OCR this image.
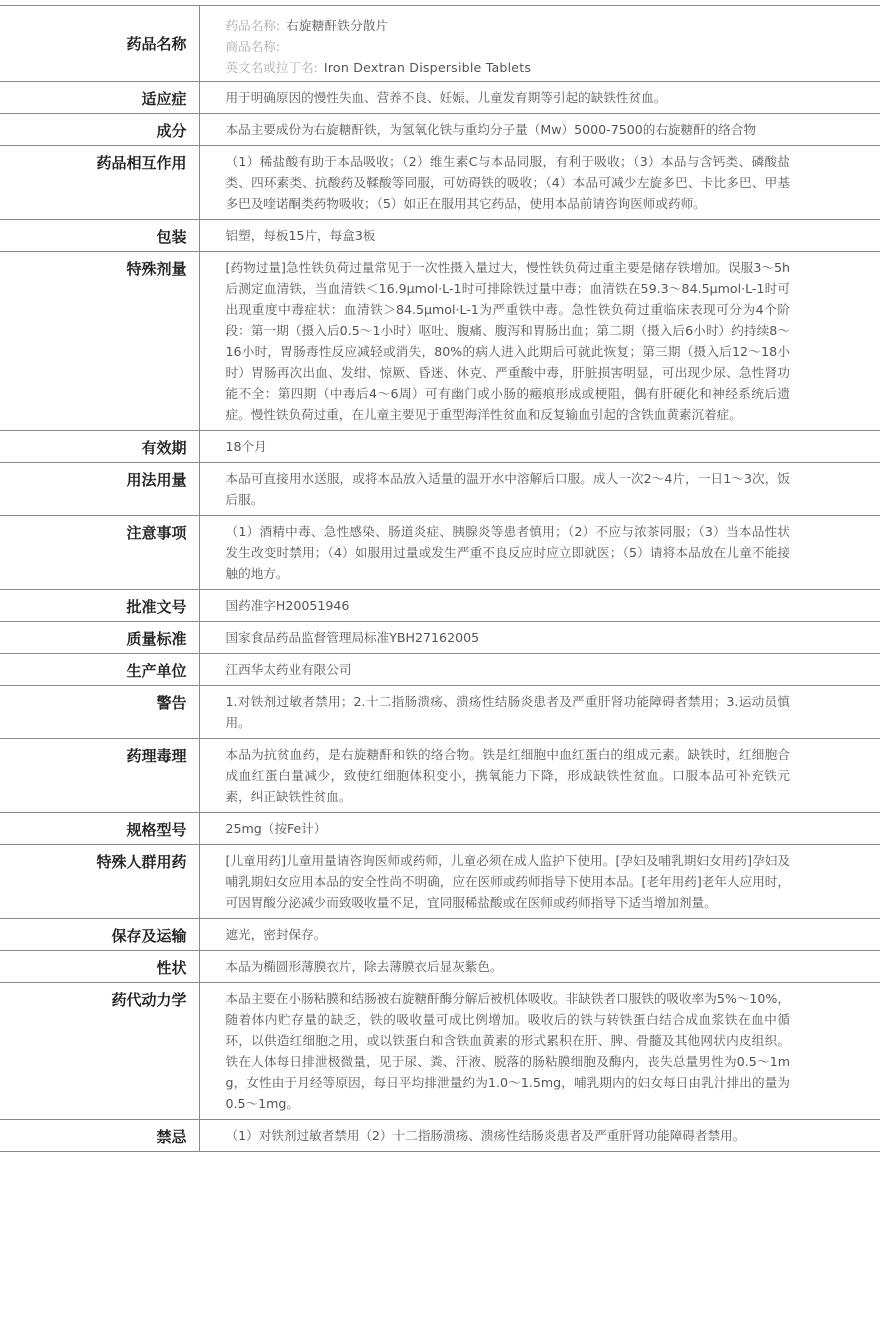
药品名称	药品名称: 右旋糖酐铁分散片
商品名称:
英文名或拉丁名: Iron Dextran Dispersible Tablets

适应症	用于明确原因的慢性失血、营养不良、妊娠、儿童发育期等引起的缺铁性贫血。

成分	本品主要成份为右旋糖酐铁，为氢氧化铁与重均分子量（Mw）5000-7500的右旋糖酐的络合物

药品相互作用	（1）稀盐酸有助于本品吸收；（2）维生素C与本品同服，有利于吸收；（3）本品与含钙类、磷酸盐类、四环素类、抗酸药及鞣酸等同服，可妨碍铁的吸收；（4）本品可减少左旋多巴、卡比多巴、甲基多巴及喹诺酮类药物吸收；（5）如正在服用其它药品，使用本品前请咨询医师或药师。

包装	铝塑，每板15片，每盒3板

特殊剂量	[药物过量]急性铁负荷过量常见于一次性摄入量过大，慢性铁负荷过重主要是储存铁增加。误服3～5h后测定血清铁，当血清铁＜16.9μmol·L-1时可排除铁过量中毒；血清铁在59.3～84.5μmol·L-1时可出现重度中毒症状：血清铁＞84.5μmol·L-1为严重铁中毒。急性铁负荷过重临床表现可分为4个阶段：第一期（摄入后0.5～1小时）呕吐、腹痛、腹泻和胃肠出血；第二期（摄入后6小时）约持续8～16小时，胃肠毒性反应减轻或消失，80%的病人进入此期后可就此恢复；第三期（摄入后12～18小时）胃肠再次出血、发绀、惊厥、昏迷、休克、严重酸中毒，肝脏损害明显，可出现少尿、急性肾功能不全：第四期（中毒后4～6周）可有幽门或小肠的瘢痕形成或梗阻，偶有肝硬化和神经系统后遗症。慢性铁负荷过重，在儿童主要见于重型海洋性贫血和反复输血引起的含铁血黄素沉着症。

有效期	18个月

用法用量	本品可直接用水送服，或将本品放入适量的温开水中溶解后口服。成人一次2～4片，一日1～3次，饭后服。

注意事项	（1）酒精中毒、急性感染、肠道炎症、胰腺炎等患者慎用；（2）不应与浓茶同服；（3）当本品性状发生改变时禁用；（4）如服用过量或发生严重不良反应时应立即就医；（5）请将本品放在儿童不能接触的地方。

批准文号	国药准字H20051946

质量标准	国家食品药品监督管理局标准YBH27162005

生产单位	江西华太药业有限公司

警告	1.对铁剂过敏者禁用；2.十二指肠溃疡、溃疡性结肠炎患者及严重肝肾功能障碍者禁用；3.运动员慎用。

药理毒理	本品为抗贫血药，是右旋糖酐和铁的络合物。铁是红细胞中血红蛋白的组成元素。缺铁时，红细胞合成血红蛋白量减少，致使红细胞体积变小，携氧能力下降，形成缺铁性贫血。口服本品可补充铁元素，纠正缺铁性贫血。

规格型号	25mg（按Fe计）

特殊人群用药	[儿童用药]儿童用量请咨询医师或药师，儿童必须在成人监护下使用。[孕妇及哺乳期妇女用药]孕妇及哺乳期妇女应用本品的安全性尚不明确，应在医师或药师指导下使用本品。[老年用药]老年人应用时，可因胃酸分泌减少而致吸收量不足，宜同服稀盐酸或在医师或药师指导下适当增加剂量。

保存及运输	遮光，密封保存。

性状	本品为椭圆形薄膜衣片，除去薄膜衣后显灰紫色。

药代动力学	本品主要在小肠粘膜和结肠被右旋糖酐酶分解后被机体吸收。非缺铁者口服铁的吸收率为5%～10%，随着体内贮存量的缺乏，铁的吸收量可成比例增加。吸收后的铁与转铁蛋白结合成血浆铁在血中循环，以供造红细胞之用，或以铁蛋白和含铁血黄素的形式累积在肝、脾、骨髓及其他网状内皮组织。铁在人体每日排泄极微量，见于尿、粪、汗液、脱落的肠粘膜细胞及酶内，丧失总量男性为0.5～1mg，女性由于月经等原因，每日平均排泄量约为1.0～1.5mg，哺乳期内的妇女每日由乳汁排出的量为0.5～1mg。

禁忌	（1）对铁剂过敏者禁用（2）十二指肠溃疡、溃疡性结肠炎患者及严重肝肾功能障碍者禁用。
